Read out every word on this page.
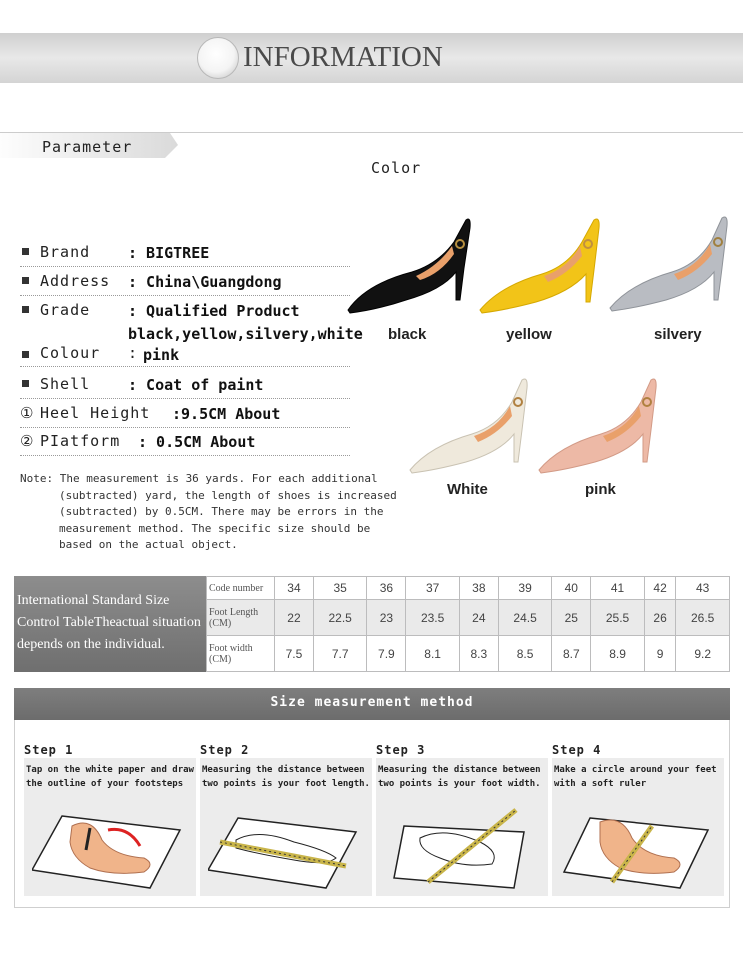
INFORMATION
Parameter
Color
Brand	: BIGTREE
Address : China\Guangdong
Grade	: Qualified Product
black,yellow,silvery,white
Colour : pink
Shell	: Coat of paint
① Heel Height :9.5CM About
② PIatform : 0.5CM About
Note: The measurement is 36 yards. For each additional
(subtracted) yard, the length of shoes is increased
(subtracted) by 0.5CM. There may be errors in the
measurement method. The specific size should be
based on the actual object.
black	yellow	silvery
White	pink
International Standard Size Control TableTheactual situation depends on the individual.
Code number	34	35	36	37	38	39	40	41	42	43
Foot Length (CM)	22	22.5	23	23.5	24	24.5	25	25.5	26	26.5
Foot width (CM)	7.5	7.7	7.9	8.1	8.3	8.5	8.7	8.9	9	9.2
Size measurement method
Step 1
Tap on the white paper and draw the outline of your footsteps
Step 2
Measuring the distance between two points is your foot length.
Step 3
Measuring the distance between two points is your foot width.
Step 4
Make a circle around your feet with a soft ruler
